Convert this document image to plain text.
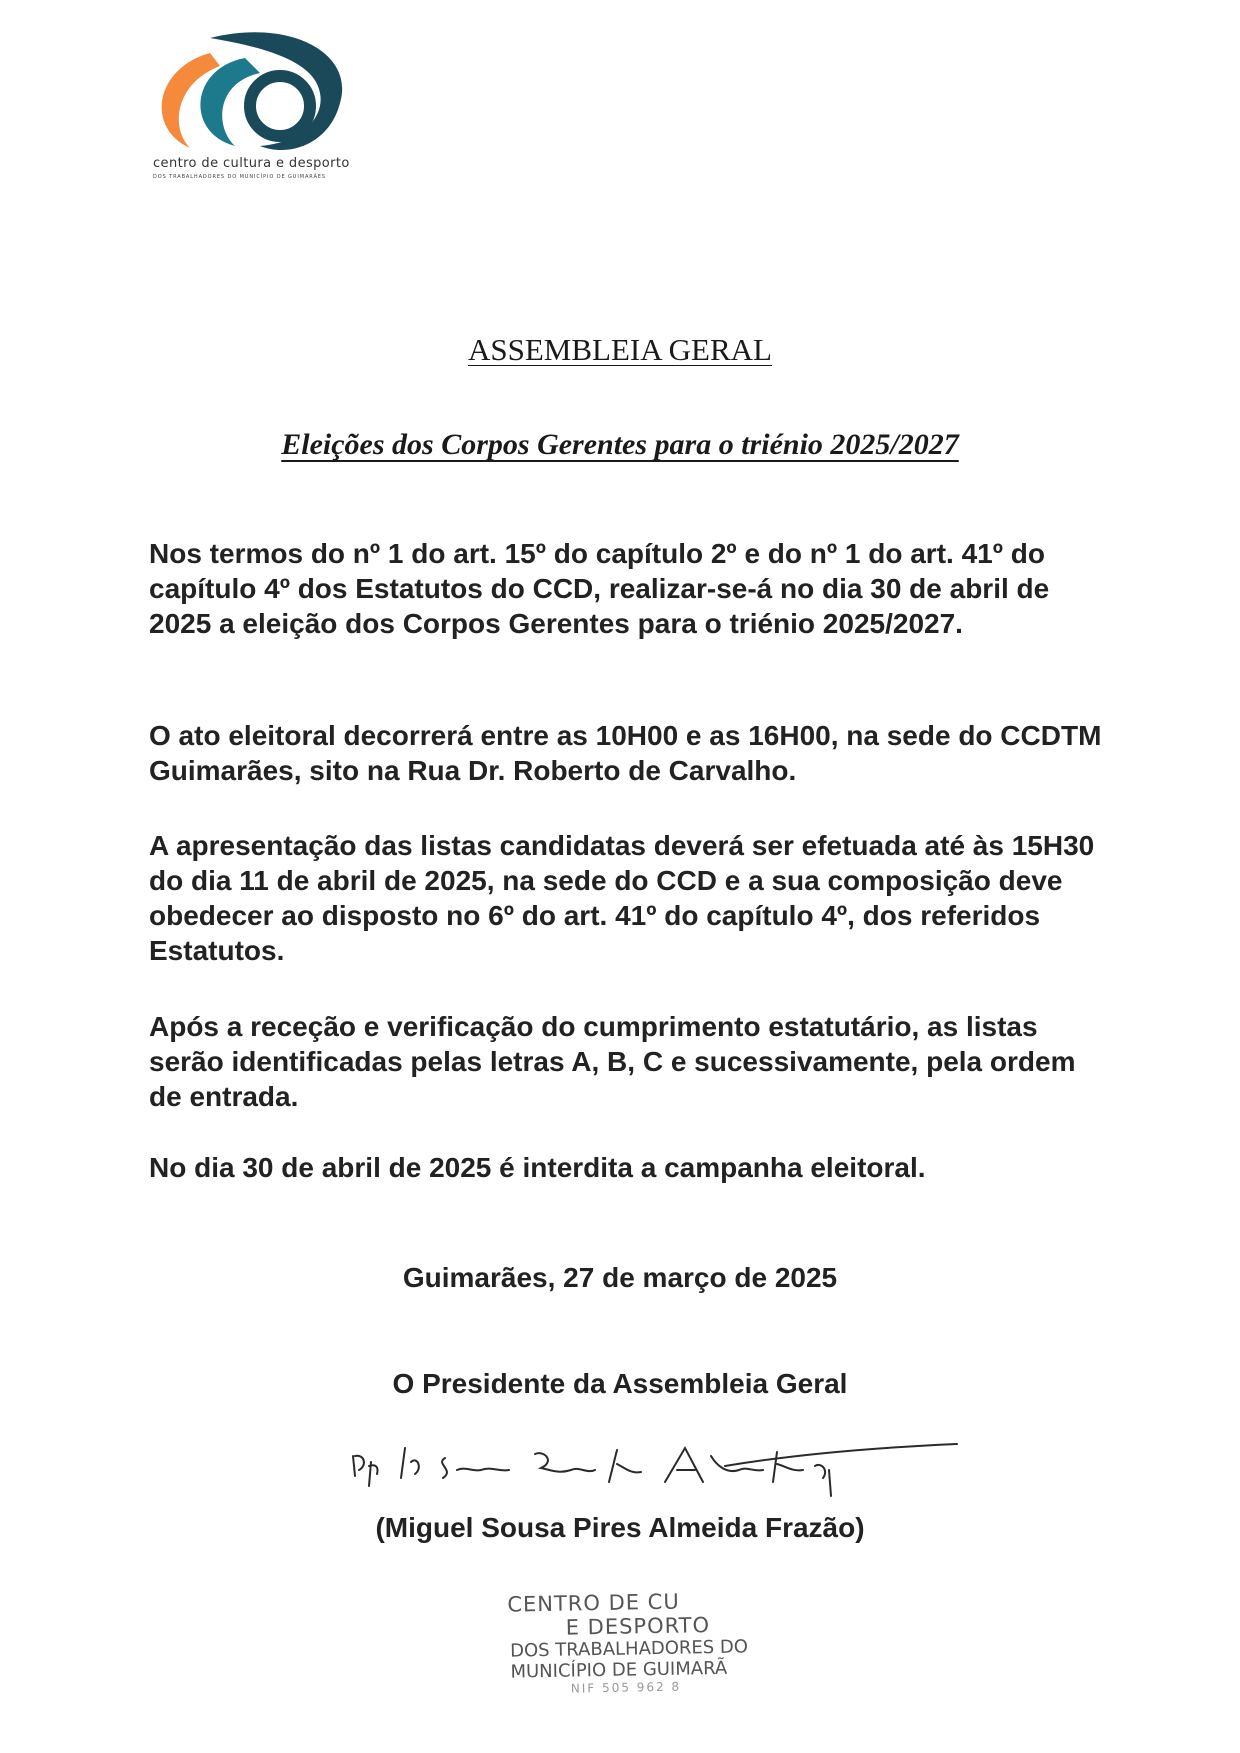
centro de cultura e desporto
DOS TRABALHADORES DO MUNICÍPIO DE GUIMARÃES
ASSEMBLEIA GERAL
Eleições dos Corpos Gerentes para o triénio 2025/2027
Nos termos do nº 1 do art. 15º do capítulo 2º e do nº 1 do art. 41º do capítulo 4º dos Estatutos do CCD, realizar-se-á no dia 30 de abril de 2025 a eleição dos Corpos Gerentes para o triénio 2025/2027.
O ato eleitoral decorrerá entre as 10H00 e as 16H00, na sede do CCDTM Guimarães, sito na Rua Dr. Roberto de Carvalho.
A apresentação das listas candidatas deverá ser efetuada até às 15H30 do dia 11 de abril de 2025, na sede do CCD e a sua composição deve obedecer ao disposto no 6º do art. 41º do capítulo 4º, dos referidos Estatutos.
Após a receção e verificação do cumprimento estatutário, as listas serão identificadas pelas letras A, B, C e sucessivamente, pela ordem de entrada.
No dia 30 de abril de 2025 é interdita a campanha eleitoral.
Guimarães, 27 de março de 2025
O Presidente da Assembleia Geral
(Miguel Sousa Pires Almeida Frazão)
CENTRO DE CU
E DESPORTO
DOS TRABALHADORES DO
MUNICÍPIO DE GUIMARÃ
NIF 505 962 8
